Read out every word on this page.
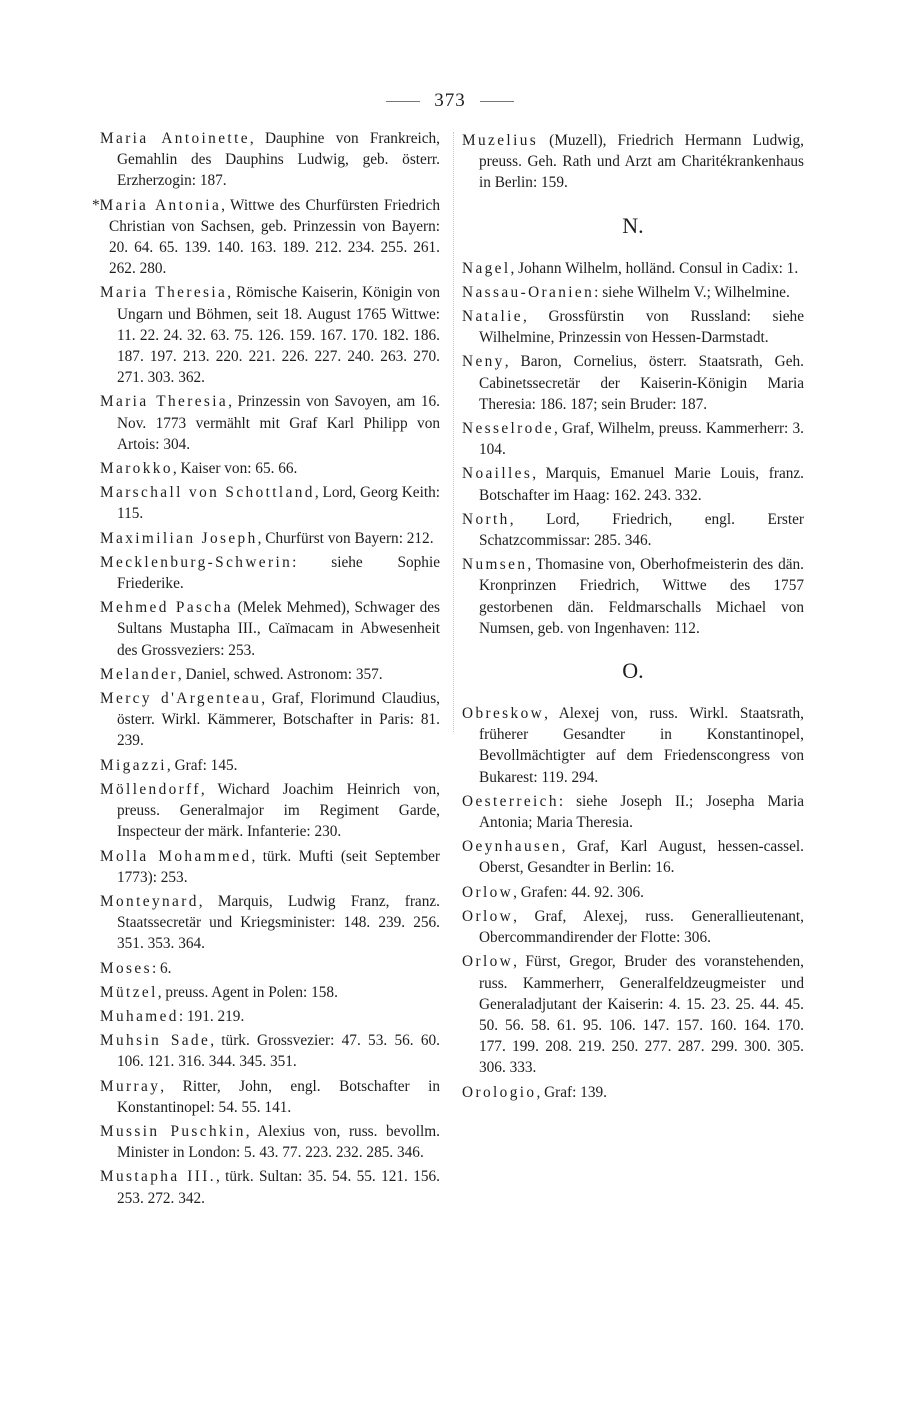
373

Maria Antoinette, Dauphine von Frankreich, Gemahlin des Dauphins Ludwig, geb. österr. Erzherzogin: 187.

*Maria Antonia, Wittwe des Churfürsten Friedrich Christian von Sachsen, geb. Prinzessin von Bayern: 20. 64. 65. 139. 140. 163. 189. 212. 234. 255. 261. 262. 280.

Maria Theresia, Römische Kaiserin, Königin von Ungarn und Böhmen, seit 18. August 1765 Wittwe: 11. 22. 24. 32. 63. 75. 126. 159. 167. 170. 182. 186. 187. 197. 213. 220. 221. 226. 227. 240. 263. 270. 271. 303. 362.

Maria Theresia, Prinzessin von Savoyen, am 16. Nov. 1773 vermählt mit Graf Karl Philipp von Artois: 304.

Marokko, Kaiser von: 65. 66.

Marschall von Schottland, Lord, Georg Keith: 115.

Maximilian Joseph, Churfürst von Bayern: 212.

Mecklenburg-Schwerin: siehe Sophie Friederike.

Mehmed Pascha (Melek Mehmed), Schwager des Sultans Mustapha III., Caïmacam in Abwesenheit des Grossveziers: 253.

Melander, Daniel, schwed. Astronom: 357.

Mercy d'Argenteau, Graf, Florimund Claudius, österr. Wirkl. Kämmerer, Botschafter in Paris: 81. 239.

Migazzi, Graf: 145.

Möllendorff, Wichard Joachim Heinrich von, preuss. Generalmajor im Regiment Garde, Inspecteur der märk. Infanterie: 230.

Molla Mohammed, türk. Mufti (seit September 1773): 253.

Monteynard, Marquis, Ludwig Franz, franz. Staatssecretär und Kriegsminister: 148. 239. 256. 351. 353. 364.

Moses: 6.

Mützel, preuss. Agent in Polen: 158.

Muhamed: 191. 219.

Muhsin Sade, türk. Grossvezier: 47. 53. 56. 60. 106. 121. 316. 344. 345. 351.

Murray, Ritter, John, engl. Botschafter in Konstantinopel: 54. 55. 141.

Mussin Puschkin, Alexius von, russ. bevollm. Minister in London: 5. 43. 77. 223. 232. 285. 346.

Mustapha III., türk. Sultan: 35. 54. 55. 121. 156. 253. 272. 342.

Muzelius (Muzell), Friedrich Hermann Ludwig, preuss. Geh. Rath und Arzt am Charitékrankenhaus in Berlin: 159.

N.

Nagel, Johann Wilhelm, holländ. Consul in Cadix: 1.

Nassau-Oranien: siehe Wilhelm V.; Wilhelmine.

Natalie, Grossfürstin von Russland: siehe Wilhelmine, Prinzessin von Hessen-Darmstadt.

Neny, Baron, Cornelius, österr. Staatsrath, Geh. Cabinetssecretär der Kaiserin-Königin Maria Theresia: 186. 187; sein Bruder: 187.

Nesselrode, Graf, Wilhelm, preuss. Kammerherr: 3. 104.

Noailles, Marquis, Emanuel Marie Louis, franz. Botschafter im Haag: 162. 243. 332.

North, Lord, Friedrich, engl. Erster Schatzcommissar: 285. 346.

Numsen, Thomasine von, Oberhofmeisterin des dän. Kronprinzen Friedrich, Wittwe des 1757 gestorbenen dän. Feldmarschalls Michael von Numsen, geb. von Ingenhaven: 112.

O.

Obreskow, Alexej von, russ. Wirkl. Staatsrath, früherer Gesandter in Konstantinopel, Bevollmächtigter auf dem Friedenscongress von Bukarest: 119. 294.

Oesterreich: siehe Joseph II.; Josepha Maria Antonia; Maria Theresia.

Oeynhausen, Graf, Karl August, hessen-cassel. Oberst, Gesandter in Berlin: 16.

Orlow, Grafen: 44. 92. 306.

Orlow, Graf, Alexej, russ. Generallieutenant, Obercommandirender der Flotte: 306.

Orlow, Fürst, Gregor, Bruder des voranstehenden, russ. Kammerherr, Generalfeldzeugmeister und Generaladjutant der Kaiserin: 4. 15. 23. 25. 44. 45. 50. 56. 58. 61. 95. 106. 147. 157. 160. 164. 170. 177. 199. 208. 219. 250. 277. 287. 299. 300. 305. 306. 333.

Orologio, Graf: 139.
